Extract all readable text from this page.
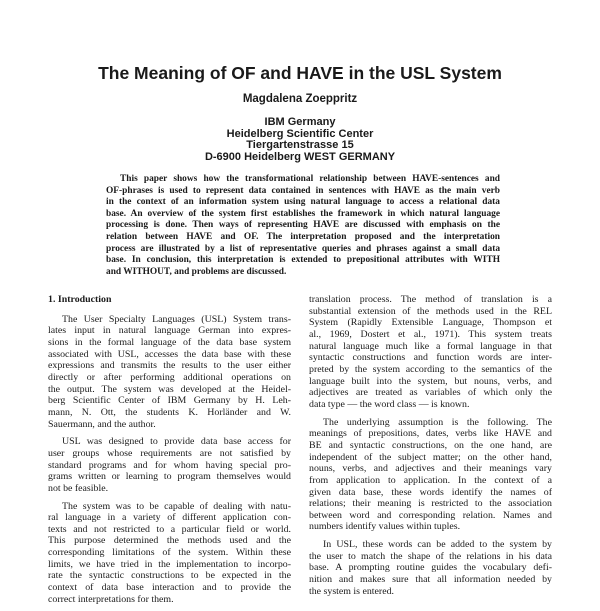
The Meaning of OF and HAVE in the USL System
Magdalena Zoeppritz
IBM Germany
Heidelberg Scientific Center
Tiergartenstrasse 15
D-6900 Heidelberg WEST GERMANY
This paper shows how the transformational relationship between HAVE-sentences and
OF-phrases is used to represent data contained in sentences with HAVE as the main verb
in the context of an information system using natural language to access a relational data
base. An overview of the system first establishes the framework in which natural language
processing is done. Then ways of representing HAVE are discussed with emphasis on the
relation between HAVE and OF. The interpretation proposed and the interpretation
process are illustrated by a list of representative queries and phrases against a small data
base. In conclusion, this interpretation is extended to prepositional attributes with WITH
and WITHOUT, and problems are discussed.
1. Introduction
The User Specialty Languages (USL) System trans-
lates input in natural language German into expres-
sions in the formal language of the data base system
associated with USL, accesses the data base with these
expressions and transmits the results to the user either
directly or after performing additional operations on
the output. The system was developed at the Heidel-
berg Scientific Center of IBM Germany by H. Leh-
mann, N. Ott, the students K. Horländer and W.
Sauermann, and the author.
USL was designed to provide data base access for
user groups whose requirements are not satisfied by
standard programs and for whom having special pro-
grams written or learning to program themselves would
not be feasible.
The system was to be capable of dealing with natu-
ral language in a variety of different application con-
texts and not restricted to a particular field or world.
This purpose determined the methods used and the
corresponding limitations of the system. Within these
limits, we have tried in the implementation to incorpo-
rate the syntactic constructions to be expected in the
context of data base interaction and to provide the
correct interpretations for them.
translation process. The method of translation is a
substantial extension of the methods used in the REL
System (Rapidly Extensible Language, Thompson et
al., 1969, Dostert et al., 1971). This system treats
natural language much like a formal language in that
syntactic constructions and function words are inter-
preted by the system according to the semantics of the
language built into the system, but nouns, verbs, and
adjectives are treated as variables of which only the
data type — the word class — is known.
The underlying assumption is the following. The
meanings of prepositions, dates, verbs like HAVE and
BE and syntactic constructions, on the one hand, are
independent of the subject matter; on the other hand,
nouns, verbs, and adjectives and their meanings vary
from application to application. In the context of a
given data base, these words identify the names of
relations; their meaning is restricted to the association
between word and corresponding relation. Names and
numbers identify values within tuples.
In USL, these words can be added to the system by
the user to match the shape of the relations in his data
base. A prompting routine guides the vocabulary defi-
nition and makes sure that all information needed by
the system is entered.
